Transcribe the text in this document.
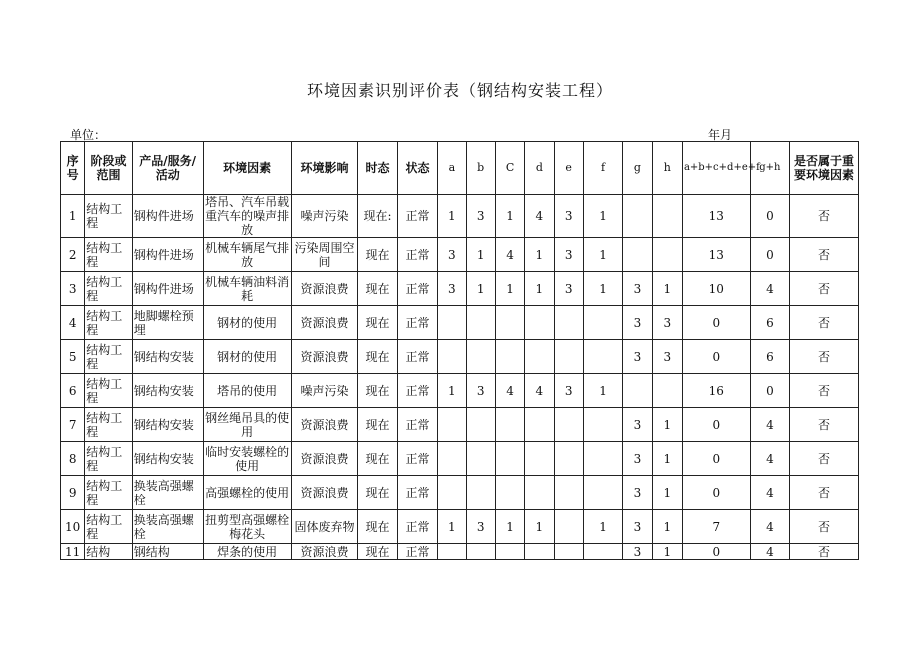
环境因素识别评价表（钢结构安装工程）
单位：	年月
序号	阶段或范围	产品/服务/活动	环境因素	环境影响	时态	状态	a	b	C	d	e	f	g	h	a+b+c+d+e+f	g+h	是否属于重要环境因素
1	结构工程	钢构件进场	塔吊、汽车吊载重汽车的噪声排放	噪声污染	现在:	正常	1	3	1	4	3	1			13	0	否
2	结构工程	钢构件进场	机械车辆尾气排放	污染周围空间	现在	正常	3	1	4	1	3	1			13	0	否
3	结构工程	钢构件进场	机械车辆油料消耗	资源浪费	现在	正常	3	1	1	1	3	1	3	1	10	4	否
4	结构工程	地脚螺栓预埋	钢材的使用	资源浪费	现在	正常							3	3	0	6	否
5	结构工程	钢结构安装	钢材的使用	资源浪费	现在	正常							3	3	0	6	否
6	结构工程	钢结构安装	塔吊的使用	噪声污染	现在	正常	1	3	4	4	3	1			16	0	否
7	结构工程	钢结构安装	钢丝绳吊具的使用	资源浪费	现在	正常							3	1	0	4	否
8	结构工程	钢结构安装	临时安装螺栓的使用	资源浪费	现在	正常							3	1	0	4	否
9	结构工程	换装高强螺栓	高强螺栓的使用	资源浪费	现在	正常							3	1	0	4	否
10	结构工程	换装高强螺栓	扭剪型高强螺栓梅花头	固体废弃物	现在	正常	1	3	1	1		1	3	1	7	4	否
11	结构	钢结构	焊条的使用	资源浪费	现在	正常							3	1	0	4	否
